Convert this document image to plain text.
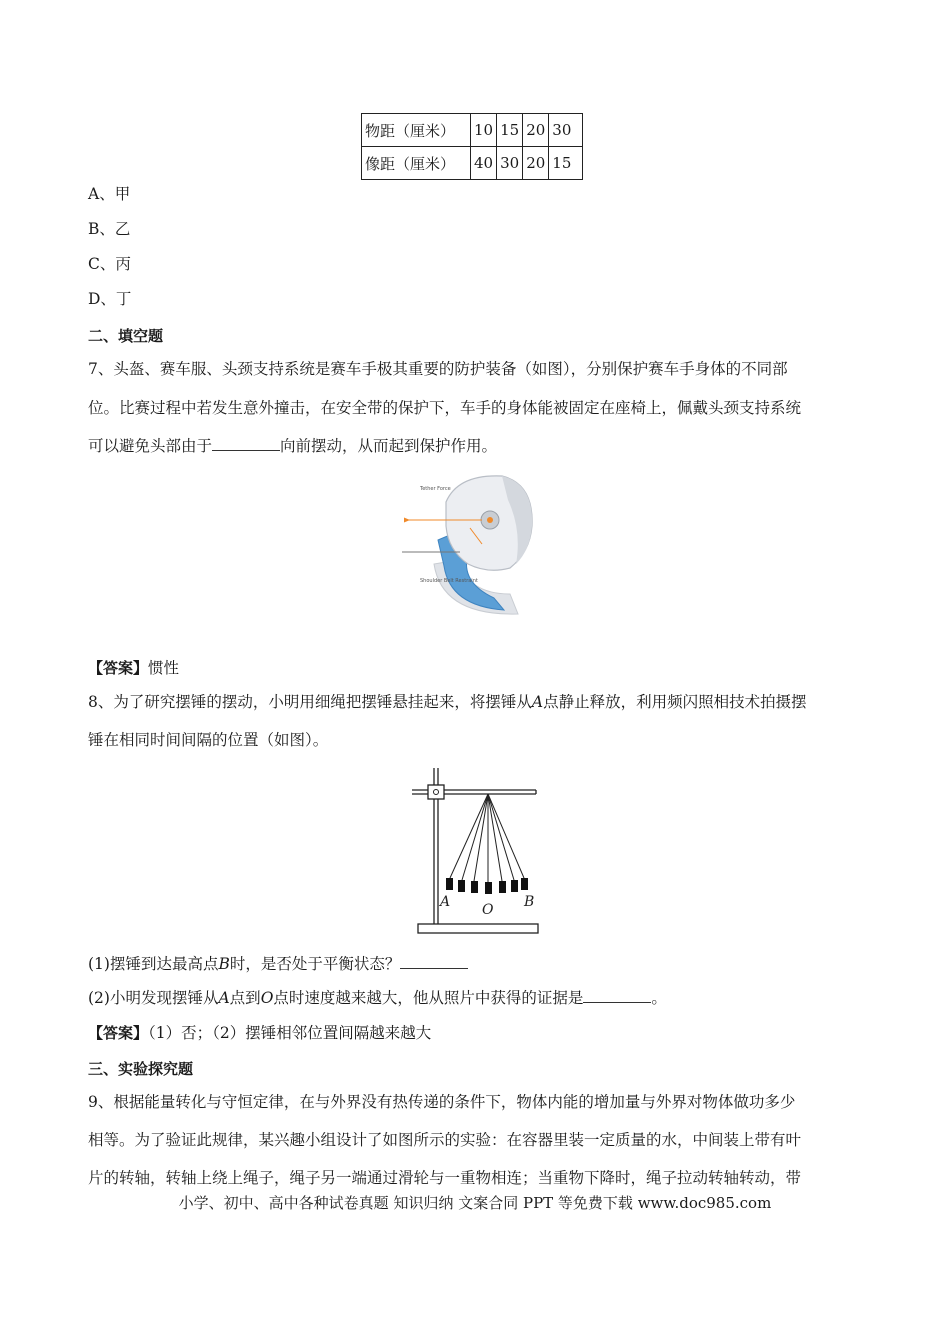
物距（厘米）	10	15	20	30
像距（厘米）	40	30	20	15
A、甲
B、乙
C、丙
D、丁
二、填空题
7、头盔、赛车服、头颈支持系统是赛车手极其重要的防护装备（如图），分别保护赛车手身体的不同部
位。比赛过程中若发生意外撞击，在安全带的保护下，车手的身体能被固定在座椅上，佩戴头颈支持系统
可以避免头部由于	向前摆动，从而起到保护作用。
Tether Force
Shoulder Belt Restraint
【答案】惯性
8、为了研究摆锤的摆动，小明用细绳把摆锤悬挂起来，将摆锤从A点静止释放，利用频闪照相技术拍摄摆
锤在相同时间间隔的位置（如图）。
A O B
(1)摆锤到达最高点B时，是否处于平衡状态？
(2)小明发现摆锤从A点到O点时速度越来越大，他从照片中获得的证据是	。
【答案】（1）否；（2）摆锤相邻位置间隔越来越大
三、实验探究题
9、根据能量转化与守恒定律，在与外界没有热传递的条件下，物体内能的增加量与外界对物体做功多少
相等。为了验证此规律，某兴趣小组设计了如图所示的实验：在容器里装一定质量的水，中间装上带有叶
片的转轴，转轴上绕上绳子，绳子另一端通过滑轮与一重物相连；当重物下降时，绳子拉动转轴转动，带
小学、初中、高中各种试卷真题 知识归纳 文案合同 PPT 等免费下载 www.doc985.com
